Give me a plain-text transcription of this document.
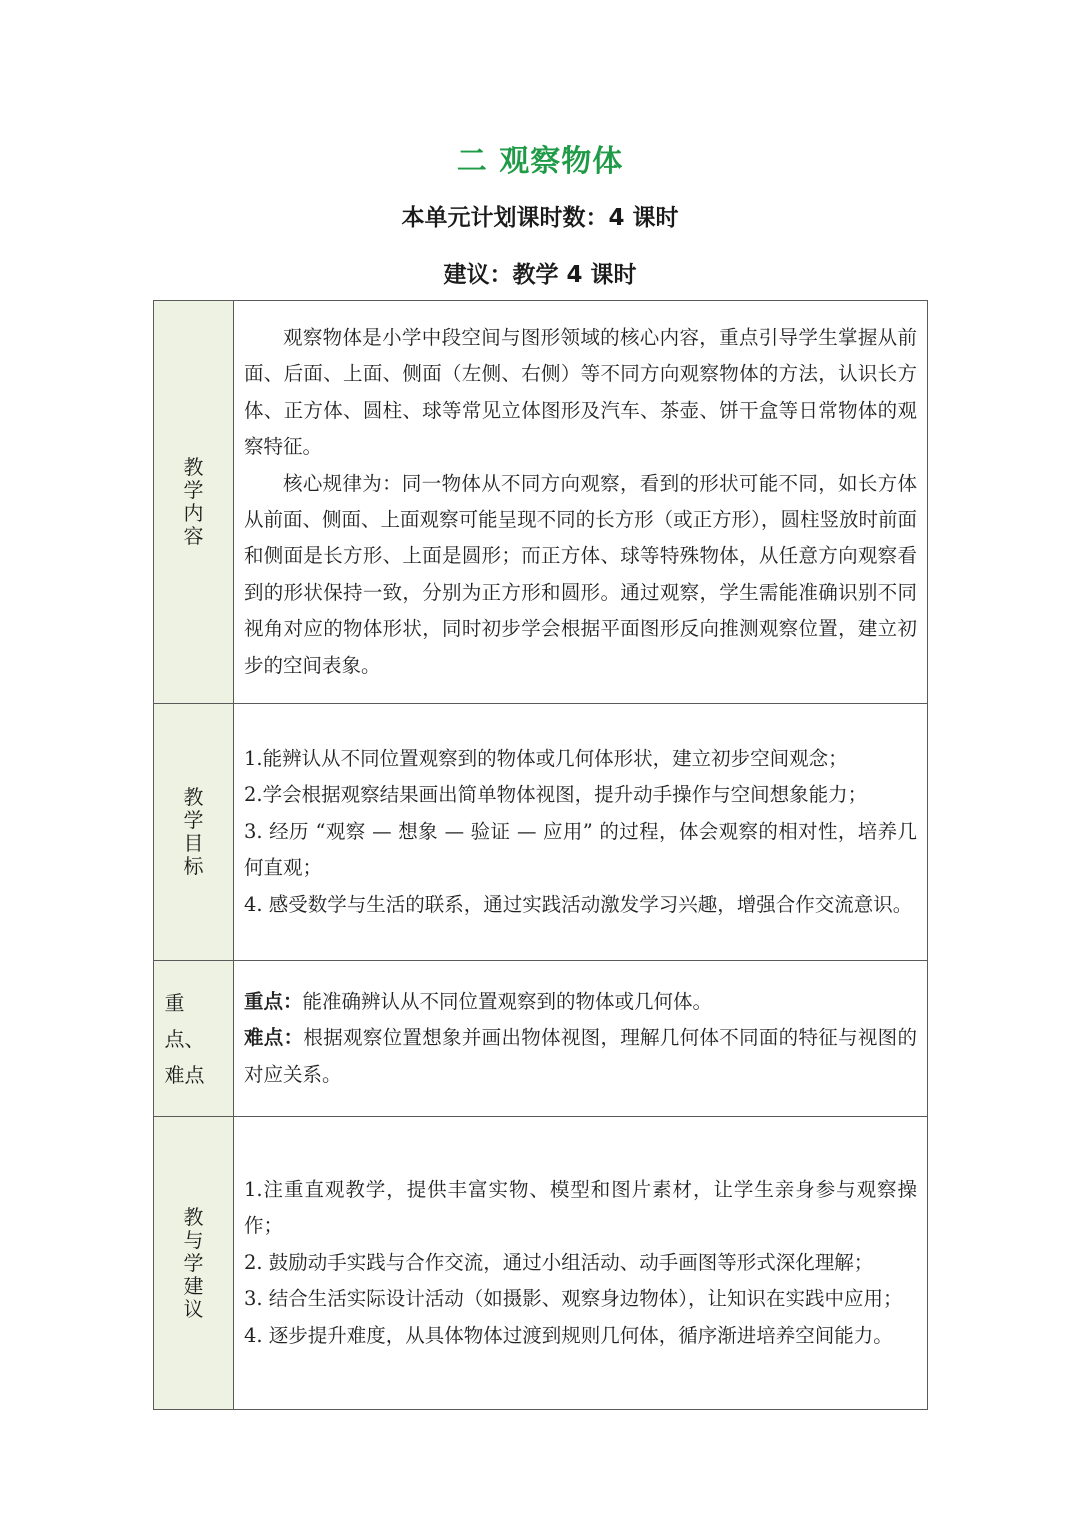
二 观察物体
本单元计划课时数：4 课时
建议：教学 4 课时
教学内容	观察物体是小学中段空间与图形领域的核心内容，重点引导学生掌握从前面、后面、上面、侧面（左侧、右侧）等不同方向观察物体的方法，认识长方体、正方体、圆柱、球等常见立体图形及汽车、茶壶、饼干盒等日常物体的观察特征。

核心规律为：同一物体从不同方向观察，看到的形状可能不同，如长方体从前面、侧面、上面观察可能呈现不同的长方形（或正方形），圆柱竖放时前面和侧面是长方形、上面是圆形；而正方体、球等特殊物体，从任意方向观察看到的形状保持一致，分别为正方形和圆形。通过观察，学生需能准确识别不同视角对应的物体形状，同时初步学会根据平面图形反向推测观察位置，建立初步的空间表象。

教学目标	1.能辨认从不同位置观察到的物体或几何体形状，建立初步空间观念；

2.学会根据观察结果画出简单物体视图，提升动手操作与空间想象能力；

3. 经历 “观察 — 想象 — 验证 — 应用” 的过程，体会观察的相对性，培养几何直观；

4. 感受数学与生活的联系，通过实践活动激发学习兴趣，增强合作交流意识。

重点、难点	重点：能准确辨认从不同位置观察到的物体或几何体。

难点：根据观察位置想象并画出物体视图，理解几何体不同面的特征与视图的对应关系。

教与学建议	1.注重直观教学，提供丰富实物、模型和图片素材，让学生亲身参与观察操作；

2. 鼓励动手实践与合作交流，通过小组活动、动手画图等形式深化理解；

3. 结合生活实际设计活动（如摄影、观察身边物体），让知识在实践中应用；

4. 逐步提升难度，从具体物体过渡到规则几何体，循序渐进培养空间能力。
